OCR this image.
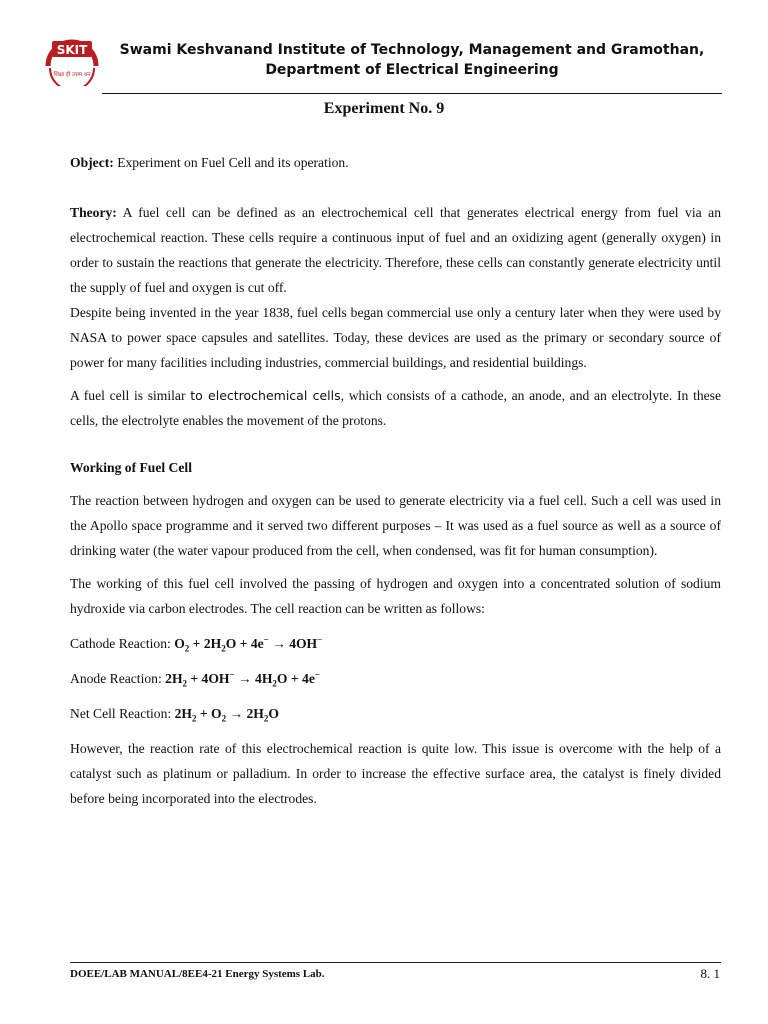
SKIT
शिक्षा ही उत्तम धन
Swami Keshvanand Institute of Technology, Management and Gramothan,
Department of Electrical Engineering
Experiment No. 9

Object: Experiment on Fuel Cell and its operation.

Theory: A fuel cell can be defined as an electrochemical cell that generates electrical energy from fuel via an electrochemical reaction. These cells require a continuous input of fuel and an oxidizing agent (generally oxygen) in order to sustain the reactions that generate the electricity. Therefore, these cells can constantly generate electricity until the supply of fuel and oxygen is cut off.

Despite being invented in the year 1838, fuel cells began commercial use only a century later when they were used by NASA to power space capsules and satellites. Today, these devices are used as the primary or secondary source of power for many facilities including industries, commercial buildings, and residential buildings.

A fuel cell is similar to electrochemical cells, which consists of a cathode, an anode, and an electrolyte. In these cells, the electrolyte enables the movement of the protons.

Working of Fuel Cell

The reaction between hydrogen and oxygen can be used to generate electricity via a fuel cell. Such a cell was used in the Apollo space programme and it served two different purposes – It was used as a fuel source as well as a source of drinking water (the water vapour produced from the cell, when condensed, was fit for human consumption).

The working of this fuel cell involved the passing of hydrogen and oxygen into a concentrated solution of sodium hydroxide via carbon electrodes. The cell reaction can be written as follows:

Cathode Reaction: $O_2 + 2H_2O + 4e^- \to 4OH^-$

Anode Reaction: $2H_2 + 4OH^- \to 4H_2O + 4e^-$

Net Cell Reaction: $2H_2 + O_2 \to 2H_2O$

However, the reaction rate of this electrochemical reaction is quite low. This issue is overcome with the help of a catalyst such as platinum or palladium. In order to increase the effective surface area, the catalyst is finely divided before being incorporated into the electrodes.

DOEE/LAB MANUAL/8EE4-21 Energy Systems Lab.	8. 1
